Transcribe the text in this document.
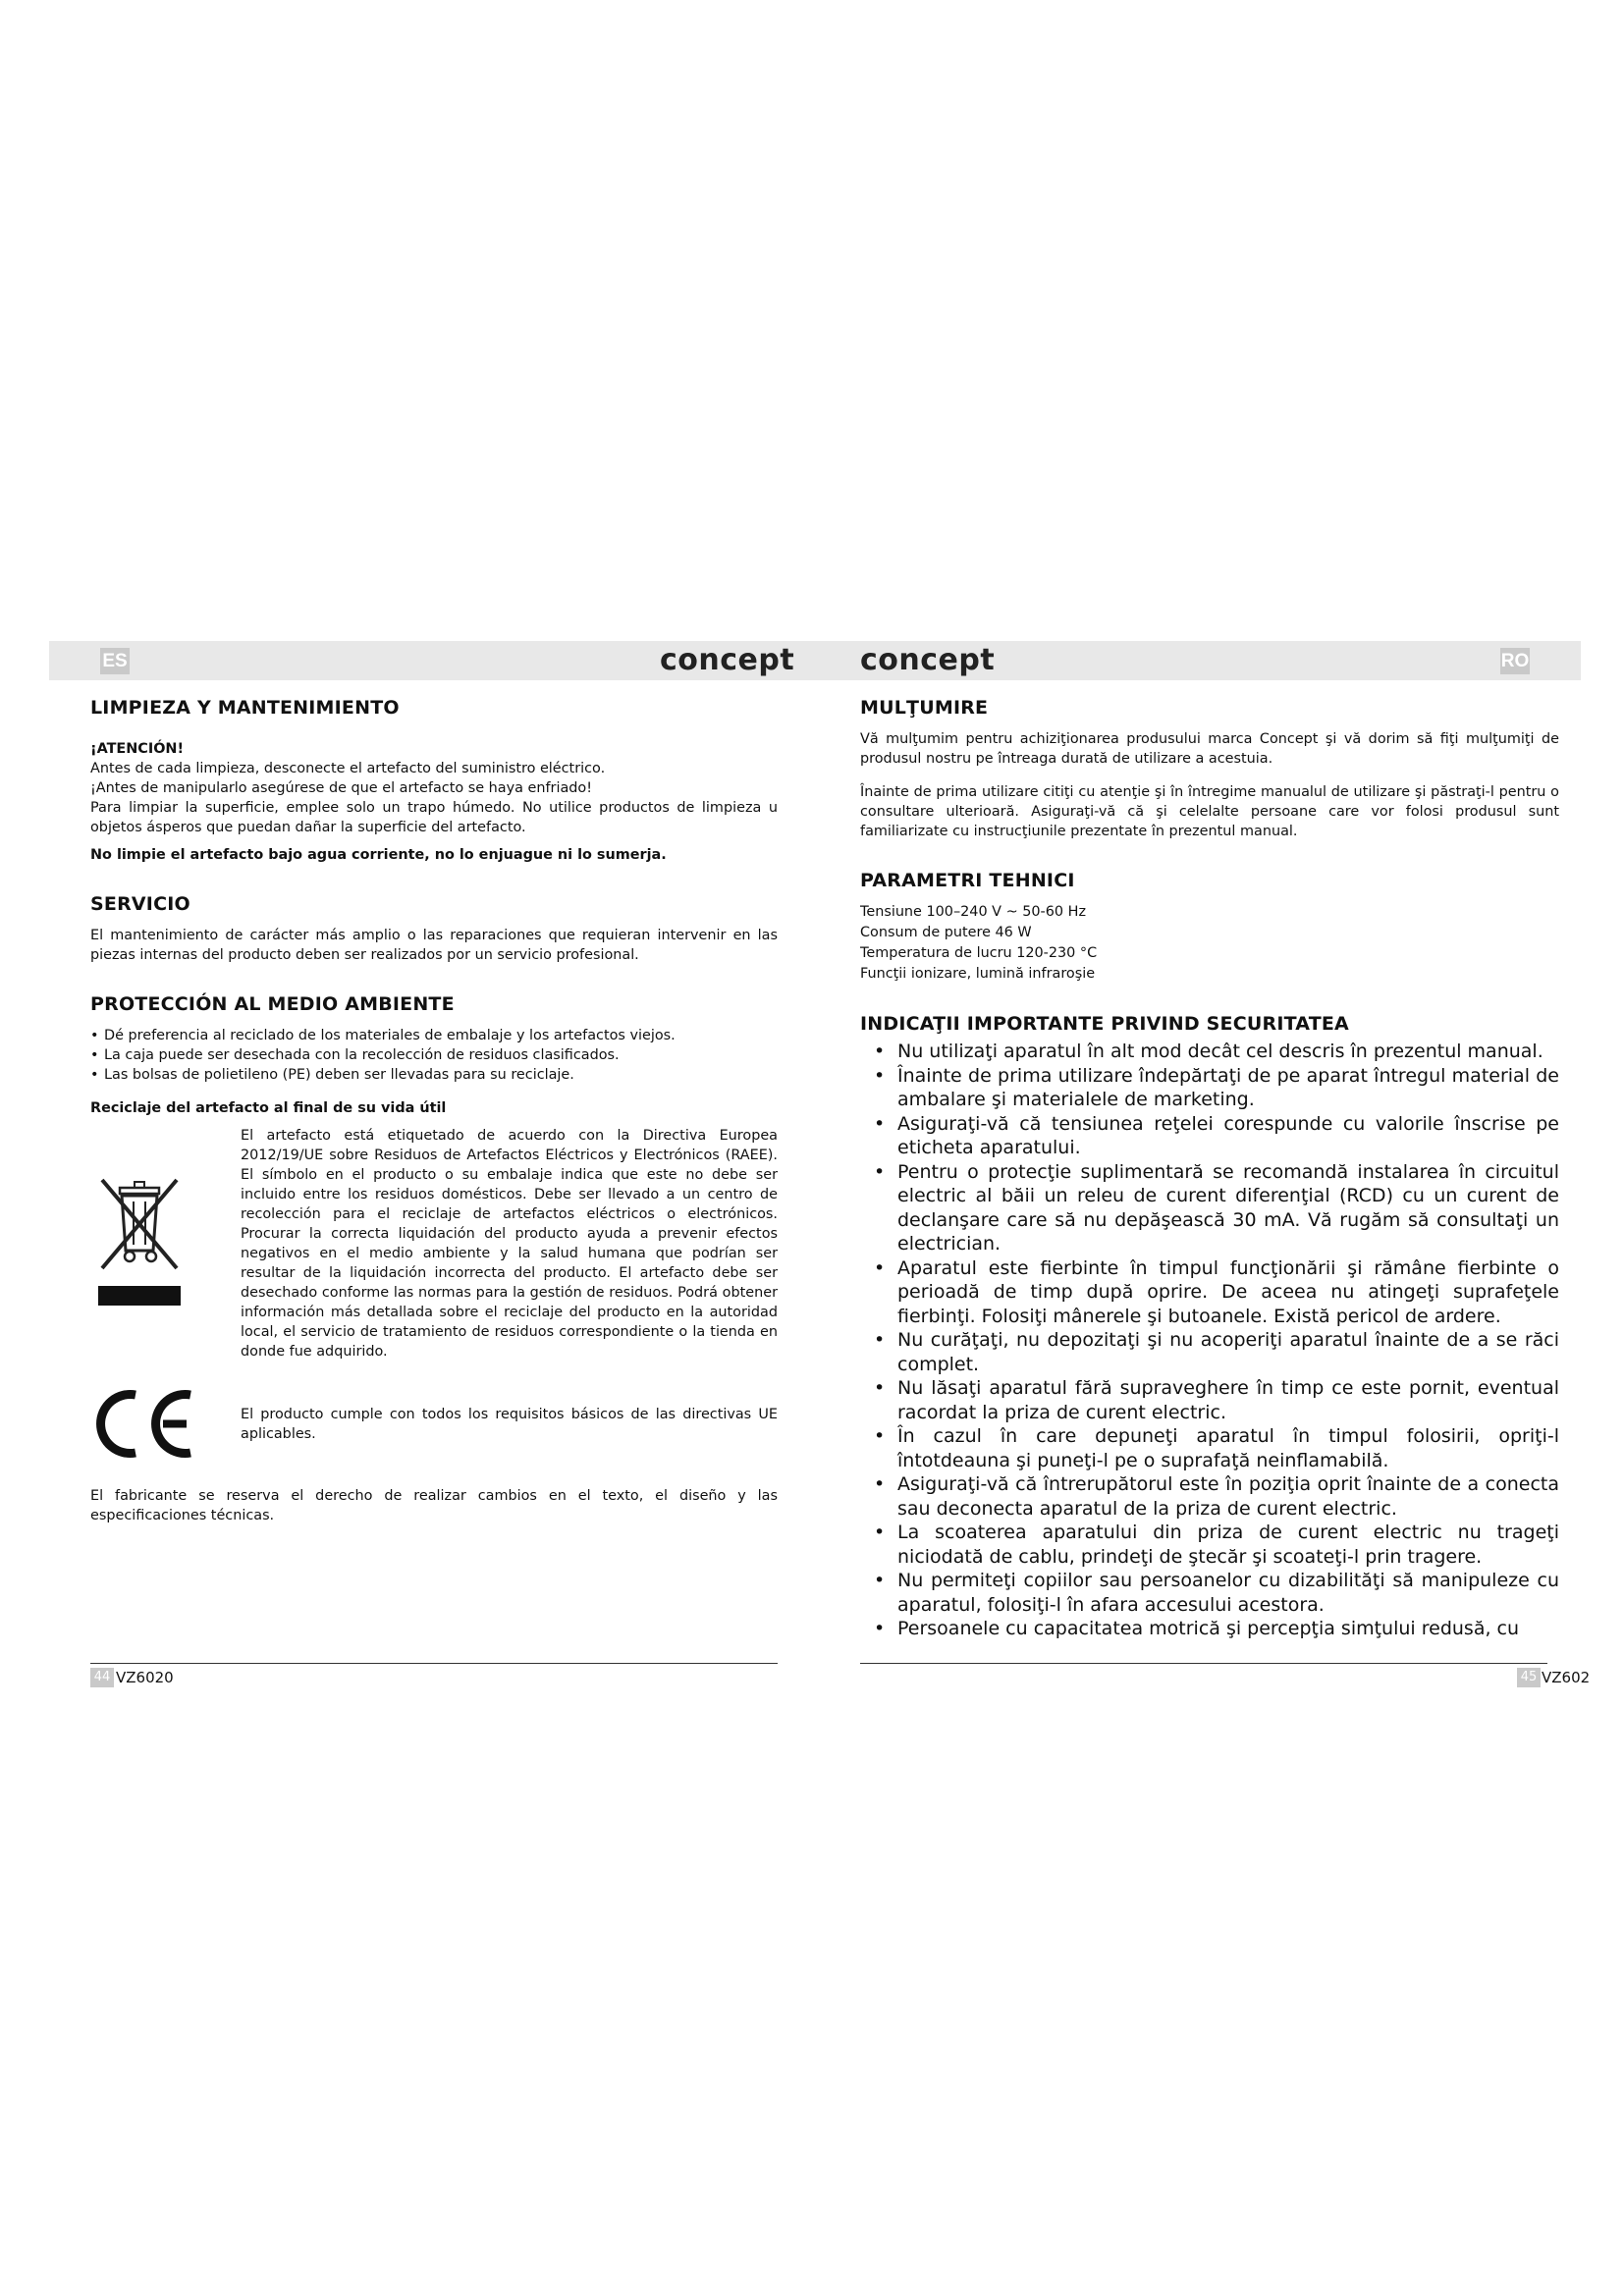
ES	concept concept	RO
LIMPIEZA Y MANTENIMIENTO

¡ATENCIÓN!

Antes de cada limpieza, desconecte el artefacto del suministro eléctrico.

¡Antes de manipularlo asegúrese de que el artefacto se haya enfriado!

Para limpiar la superficie, emplee solo un trapo húmedo. No utilice productos de limpieza u objetos ásperos que puedan dañar la superficie del artefacto.

No limpie el artefacto bajo agua corriente, no lo enjuague ni lo sumerja.

SERVICIO

El mantenimiento de carácter más amplio o las reparaciones que requieran intervenir en las piezas internas del producto deben ser realizados por un servicio profesional.

PROTECCIÓN AL MEDIO AMBIENTE
• Dé preferencia al reciclado de los materiales de embalaje y los artefactos viejos.
• La caja puede ser desechada con la recolección de residuos clasificados.
• Las bolsas de polietileno (PE) deben ser llevadas para su reciclaje.

Reciclaje del artefacto al final de su vida útil

El artefacto está etiquetado de acuerdo con la Directiva Europea 2012/19/UE sobre Residuos de Artefactos Eléctricos y Electrónicos (RAEE). El símbolo en el producto o su embalaje indica que este no debe ser incluido entre los residuos domésticos. Debe ser llevado a un centro de recolección para el reciclaje de artefactos eléctricos o electrónicos. Procurar la correcta liquidación del producto ayuda a prevenir efectos negativos en el medio ambiente y la salud humana que podrían ser resultar de la liquidación incorrecta del producto. El artefacto debe ser desechado conforme las normas para la gestión de residuos. Podrá obtener información más detallada sobre el reciclaje del producto en la autoridad local, el servicio de tratamiento de residuos correspondiente o la tienda en donde fue adquirido.

El producto cumple con todos los requisitos básicos de las directivas UE aplicables.

El fabricante se reserva el derecho de realizar cambios en el texto, el diseño y las especificaciones técnicas.

MULŢUMIRE

Vă mulţumim pentru achiziţionarea produsului marca Concept şi vă dorim să fiţi mulţumiţi de produsul nostru pe întreaga durată de utilizare a acestuia.

Înainte de prima utilizare citiţi cu atenţie şi în întregime manualul de utilizare şi păstraţi-l pentru o consultare ulterioară. Asiguraţi-vă că şi celelalte persoane care vor folosi produsul sunt familiarizate cu instrucţiunile prezentate în prezentul manual.

PARAMETRI TEHNICI

Tensiune 100–240 V ~ 50-60 Hz

Consum de putere 46 W

Temperatura de lucru 120-230 °C

Funcţii ionizare, lumină infraroşie

INDICAŢII IMPORTANTE PRIVIND SECURITATEA
• Nu utilizaţi aparatul în alt mod decât cel descris în prezentul manual.
• Înainte de prima utilizare îndepărtaţi de pe aparat întregul material de ambalare şi materialele de marketing.
• Asiguraţi-vă că tensiunea reţelei corespunde cu valorile înscrise pe eticheta aparatului.
• Pentru o protecţie suplimentară se recomandă instalarea în circuitul electric al băii un releu de curent diferenţial (RCD) cu un curent de declanşare care să nu depăşească 30 mA. Vă rugăm să consultaţi un electrician.
• Aparatul este fierbinte în timpul funcţionării şi rămâne fierbinte o perioadă de timp după oprire. De aceea nu atingeţi suprafeţele fierbinţi. Folosiţi mânerele şi butoanele. Există pericol de ardere.
• Nu curăţaţi, nu depozitaţi şi nu acoperiţi aparatul înainte de a se răci complet.
• Nu lăsaţi aparatul fără supraveghere în timp ce este pornit, eventual racordat la priza de curent electric.
• În cazul în care depuneţi aparatul în timpul folosirii, opriţi-l întotdeauna şi puneţi-l pe o suprafaţă neinflamabilă.
• Asiguraţi-vă că întrerupătorul este în poziţia oprit înainte de a conecta sau deconecta aparatul de la priza de curent electric.
• La scoaterea aparatului din priza de curent electric nu trageţi niciodată de cablu, prindeţi de ştecăr şi scoateţi-l prin tragere.
• Nu permiteţi copiilor sau persoanelor cu dizabilităţi să manipuleze cu aparatul, folosiţi-l în afara accesului acestora.
• Persoanele cu capacitatea motrică şi percepţia simţului redusă, cu
44 VZ6020	45 VZ602
